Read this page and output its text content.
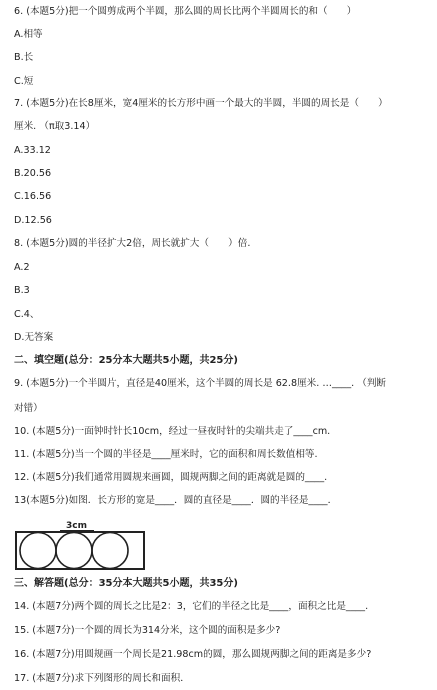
6. (本题5分)把一个圆剪成两个半圆，那么圆的周长比两个半圆周长的和（　　）
A.相等
B.长
C.短
7. (本题5分)在长8厘米，宽4厘米的长方形中画一个最大的半圆，半圆的周长是（　　）
厘米. （π取3.14）
A.33.12
B.20.56
C.16.56
D.12.56
8. (本题5分)圆的半径扩大2倍，周长就扩大（　　）倍.
A.2
B.3
C.4、
D.无答案
二、填空题(总分：25分本大题共5小题，共25分)
9. (本题5分)一个半圆片，直径是40厘米，这个半圆的周长是 62.8厘米. …____. （判断
对错）
10. (本题5分)一面钟时针长10cm，经过一昼夜时针的尖端共走了____cm.
11. (本题5分)当一个圆的半径是____厘米时，它的面积和周长数值相等.
12. (本题5分)我们通常用圆规来画圆，圆规两脚之间的距离就是圆的____.
13(本题5分)如图．长方形的宽是____．圆的直径是____．圆的半径是____．
三、解答题(总分：35分本大题共5小题，共35分)
14. (本题7分)两个圆的周长之比是2：3，它们的半径之比是____，面积之比是____.
15. (本题7分)一个圆的周长为314分米，这个圆的面积是多少?
16. (本题7分)用圆规画一个周长是21.98cm的圆，那么圆规两脚之间的距离是多少?
17. (本题7分)求下列图形的周长和面积．
3cm
